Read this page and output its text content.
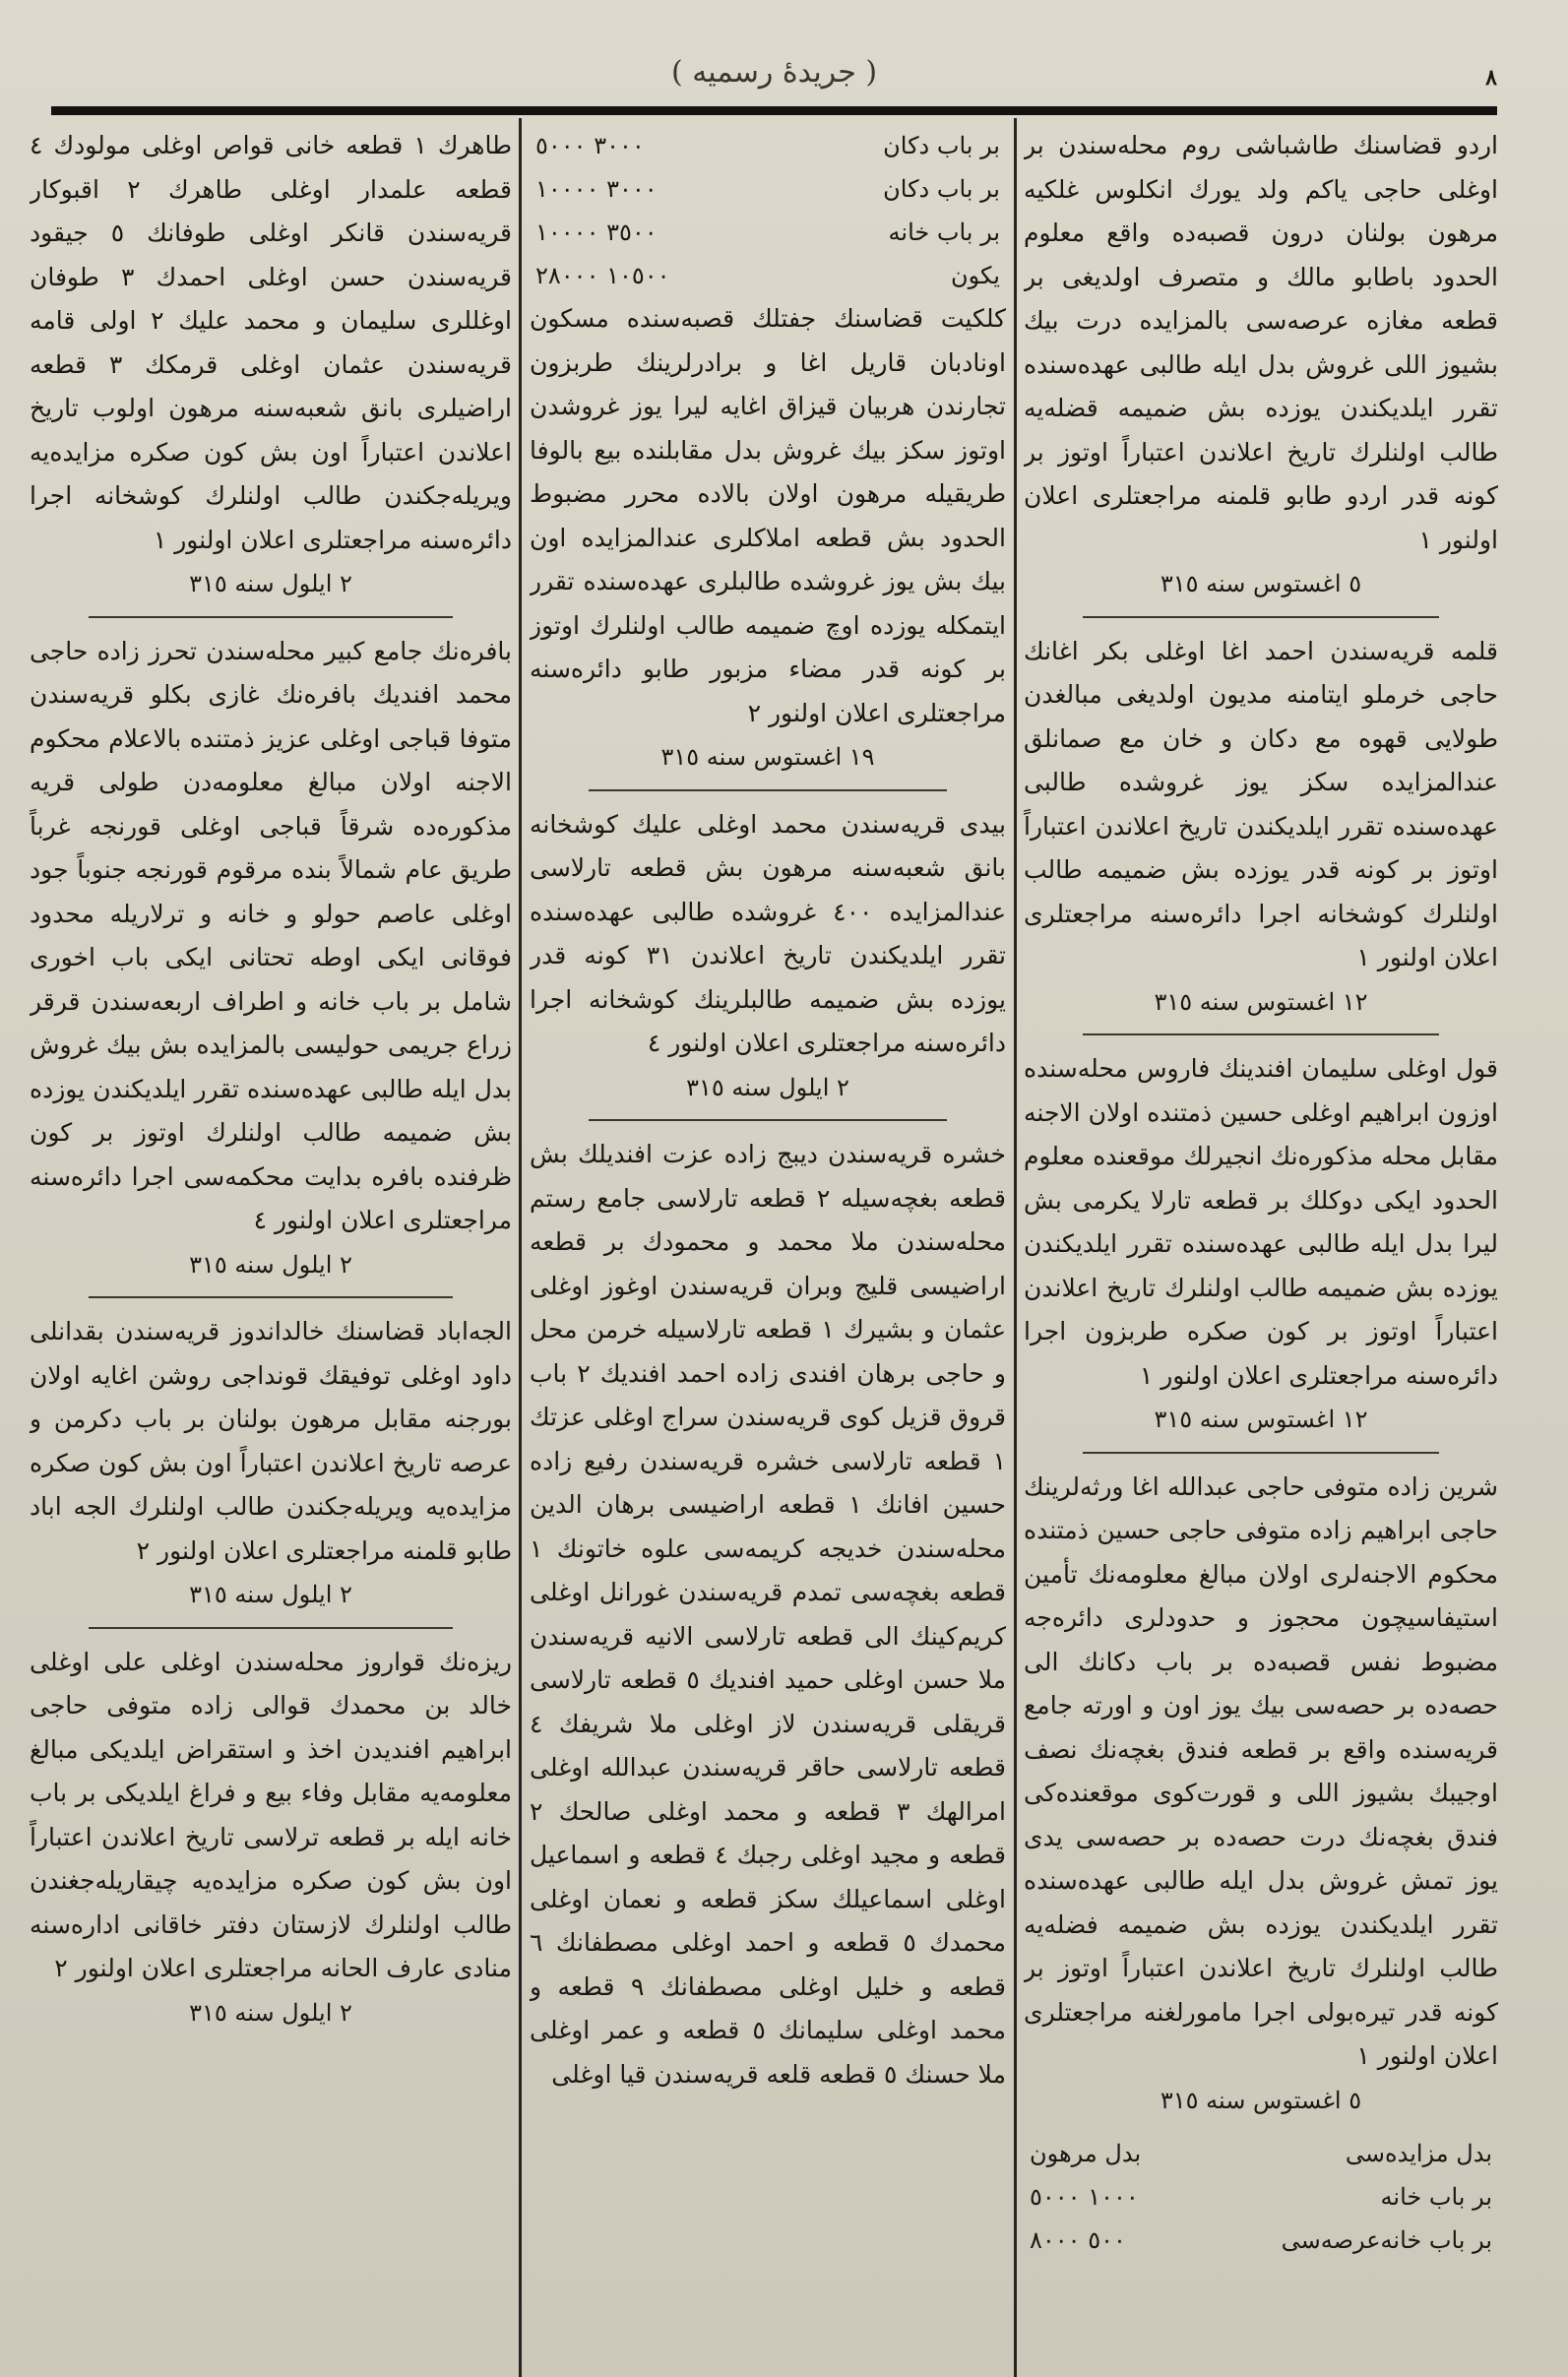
( جريدهٔ رسميه )	٨

اردو قضاسنك طاشباشى روم محله‌سندن بر اوغلى حاجى ياكم ولد يورك انكلوس غلكيه مرهون بولنان درون قصبه‌ده واقع معلوم الحدود باطابو مالك و متصرف اولديغى بر قطعه مغازه عرصه‌سى بالمزايده درت بيك بشيوز اللى غروش بدل ايله طالبى عهده‌سنده تقرر ايلديكندن يوزده بش ضميمه قضله‌يه طالب اولنلرك تاريخ اعلاندن اعتباراً اوتوز بر كونه قدر اردو طابو قلمنه مراجعتلرى اعلان اولنور ١

٥ اغستوس سنه ٣١٥

قلمه قريه‌سندن احمد اغا اوغلى بكر اغانك حاجى خرملو ايتامنه مديون اولديغى مبالغدن طولايى قهوه مع دكان و خان مع صمانلق عندالمزايده سكز يوز غروشده طالبى عهده‌سنده تقرر ايلديكندن تاريخ اعلاندن اعتباراً اوتوز بر كونه قدر يوزده بش ضميمه طالب اولنلرك كوشخانه اجرا دائره‌سنه مراجعتلرى اعلان اولنور ١

١٢ اغستوس سنه ٣١٥

قول اوغلى سليمان افندينك فاروس محله‌سنده اوزون ابراهيم اوغلى حسين ذمتنده اولان الاجنه مقابل محله مذكوره‌نك انجيرلك موقعنده معلوم الحدود ايكى دوكلك بر قطعه تارلا يكرمى بش ليرا بدل ايله طالبى عهده‌سنده تقرر ايلديكندن يوزده بش ضميمه طالب اولنلرك تاريخ اعلاندن اعتباراً اوتوز بر كون صكره طربزون اجرا دائره‌سنه مراجعتلرى اعلان اولنور ١

١٢ اغستوس سنه ٣١٥

شرين زاده متوفى حاجى عبدالله اغا ورثه‌لرينك حاجى ابراهيم زاده متوفى حاجى حسين ذمتنده محكوم الاجنه‌لرى اولان مبالغ معلومه‌نك تأمين استيفاسيچون محجوز و حدودلرى دائره‌جه مضبوط نفس قصبه‌ده بر باب دكانك الى حصه‌ده بر حصه‌سى بيك يوز اون و اورته جامع قريه‌سنده واقع بر قطعه فندق بغچه‌نك نصف اوجيبك بشيوز اللى و قورت‌كوى موقعنده‌كى فندق بغچه‌نك درت حصه‌ده بر حصه‌سى يدى يوز تمش غروش بدل ايله طالبى عهده‌سنده تقرر ايلديكندن يوزده بش ضميمه فضله‌يه طالب اولنلرك تاريخ اعلاندن اعتباراً اوتوز بر كونه قدر تيره‌بولى اجرا مامورلغنه مراجعتلرى اعلان اولنور ١

٥ اغستوس سنه ٣١٥

بدل مزايده‌سى
بدل مرهون
بر باب خانه
١٠٠٠ ٥٠٠٠
بر باب خانه‌عرصه‌سى
٥٠٠ ٨٠٠٠
بر باب دكان
٣٠٠٠ ٥٠٠٠
بر باب دكان
٣٠٠٠ ١٠٠٠٠
بر باب خانه
٣٥٠٠ ١٠٠٠٠
يكون
١٠٥٠٠ ٢٨٠٠٠

كلكيت قضاسنك جفتلك قصبه‌سنده مسكون اونادبان قاريل اغا و برادرلرينك طربزون تجارندن هربيان قيزاق اغايه ليرا يوز غروشدن اوتوز سكز بيك غروش بدل مقابلنده بيع بالوفا طريقيله مرهون اولان بالاده محرر مضبوط الحدود بش قطعه املاكلرى عندالمزايده اون بيك بش يوز غروشده طالبلرى عهده‌سنده تقرر ايتمكله يوزده اوچ ضميمه طالب اولنلرك اوتوز بر كونه قدر مضاء مزبور طابو دائره‌سنه مراجعتلرى اعلان اولنور ٢

١٩ اغستوس سنه ٣١٥

بيدى قريه‌سندن محمد اوغلى عليك كوشخانه بانق شعبه‌سنه مرهون بش قطعه تارلاسى عندالمزايده ٤٠٠ غروشده طالبى عهده‌سنده تقرر ايلديكندن تاريخ اعلاندن ٣١ كونه قدر يوزده بش ضميمه طالبلرينك كوشخانه اجرا دائره‌سنه مراجعتلرى اعلان اولنور ٤

٢ ايلول سنه ٣١٥

خشره قريه‌سندن ديبج زاده عزت افنديلك بش قطعه بغچه‌سيله ٢ قطعه تارلاسى جامع رستم محله‌سندن ملا محمد و محمودك بر قطعه اراضيسى قليج وبران قريه‌سندن اوغوز اوغلى عثمان و بشيرك ١ قطعه تارلاسيله خرمن محل و حاجى برهان افندى زاده احمد افنديك ٢ باب قروق قزيل كوى قريه‌سندن سراج اوغلى عزتك ١ قطعه تارلاسى خشره قريه‌سندن رفيع زاده حسين افانك ١ قطعه اراضيسى برهان الدين محله‌سندن خديجه كريمه‌سى علوه خاتونك ١ قطعه بغچه‌سى تمدم قريه‌سندن غورانل اوغلى كريم‌كينك الى قطعه تارلاسى الانيه قريه‌سندن ملا حسن اوغلى حميد افنديك ٥ قطعه تارلاسى قريقلى قريه‌سندن لاز اوغلى ملا شريفك ٤ قطعه تارلاسى حاقر قريه‌سندن عبدالله اوغلى امرالهك ٣ قطعه و محمد اوغلى صالحك ٢ قطعه و مجيد اوغلى رجبك ٤ قطعه و اسماعيل اوغلى اسماعيلك سكز قطعه و نعمان اوغلى محمدك ٥ قطعه و احمد اوغلى مصطفانك ٦ قطعه و خليل اوغلى مصطفانك ٩ قطعه و محمد اوغلى سليمانك ٥ قطعه و عمر اوغلى ملا حسنك ٥ قطعه قلعه قريه‌سندن قيا اوغلى

طاهرك ١ قطعه خانى قواص اوغلى مولودك ٤ قطعه علمدار اوغلى طاهرك ٢ اقبوكار قريه‌سندن قانكر اوغلى طوفانك ٥ جيقود قريه‌سندن حسن اوغلى احمدك ٣ طوفان اوغللرى سليمان و محمد عليك ٢ اولى قامه قريه‌سندن عثمان اوغلى قرمكك ٣ قطعه اراضيلرى بانق شعبه‌سنه مرهون اولوب تاريخ اعلاندن اعتباراً اون بش كون صكره مزايده‌يه ويريله‌جكندن طالب اولنلرك كوشخانه اجرا دائره‌سنه مراجعتلرى اعلان اولنور ١

٢ ايلول سنه ٣١٥

بافره‌نك جامع كبير محله‌سندن تحرز زاده حاجى محمد افنديك بافره‌نك غازى بكلو قريه‌سندن متوفا قباجى اوغلى عزيز ذمتنده بالاعلام محكوم الاجنه اولان مبالغ معلومه‌دن طولى قريه مذكوره‌ده شرقاً قباجى اوغلى قورنجه غرباً طريق عام شمالاً بنده مرقوم قورنجه جنوباً جود اوغلى عاصم حولو و خانه و ترلاريله محدود فوقانى ايكى اوطه تحتانى ايكى باب اخورى شامل بر باب خانه و اطراف اربعه‌سندن قرقر زراع جريمى حوليسى بالمزايده بش بيك غروش بدل ايله طالبى عهده‌سنده تقرر ايلديكندن يوزده بش ضميمه طالب اولنلرك اوتوز بر كون ظرفنده بافره بدايت محكمه‌سى اجرا دائره‌سنه مراجعتلرى اعلان اولنور ٤

٢ ايلول سنه ٣١٥

الجه‌اباد قضاسنك خالداندوز قريه‌سندن بقدانلى داود اوغلى توفيقك قونداجى روشن اغايه اولان بورجنه مقابل مرهون بولنان بر باب دكرمن و عرصه تاريخ اعلاندن اعتباراً اون بش كون صكره مزايده‌يه ويريله‌جكندن طالب اولنلرك الجه اباد طابو قلمنه مراجعتلرى اعلان اولنور ٢

٢ ايلول سنه ٣١٥

ريزه‌نك قواروز محله‌سندن اوغلى على اوغلى خالد بن محمدك قوالى زاده متوفى حاجى ابراهيم افنديدن اخذ و استقراض ايلديكى مبالغ معلومه‌يه مقابل وفاء بيع و فراغ ايلديكى بر باب خانه ايله بر قطعه ترلاسى تاريخ اعلاندن اعتباراً اون بش كون صكره مزايده‌يه چيقاريله‌جغندن طالب اولنلرك لازستان دفتر خاقانى اداره‌سنه منادى عارف الحانه مراجعتلرى اعلان اولنور ٢

٢ ايلول سنه ٣١٥
